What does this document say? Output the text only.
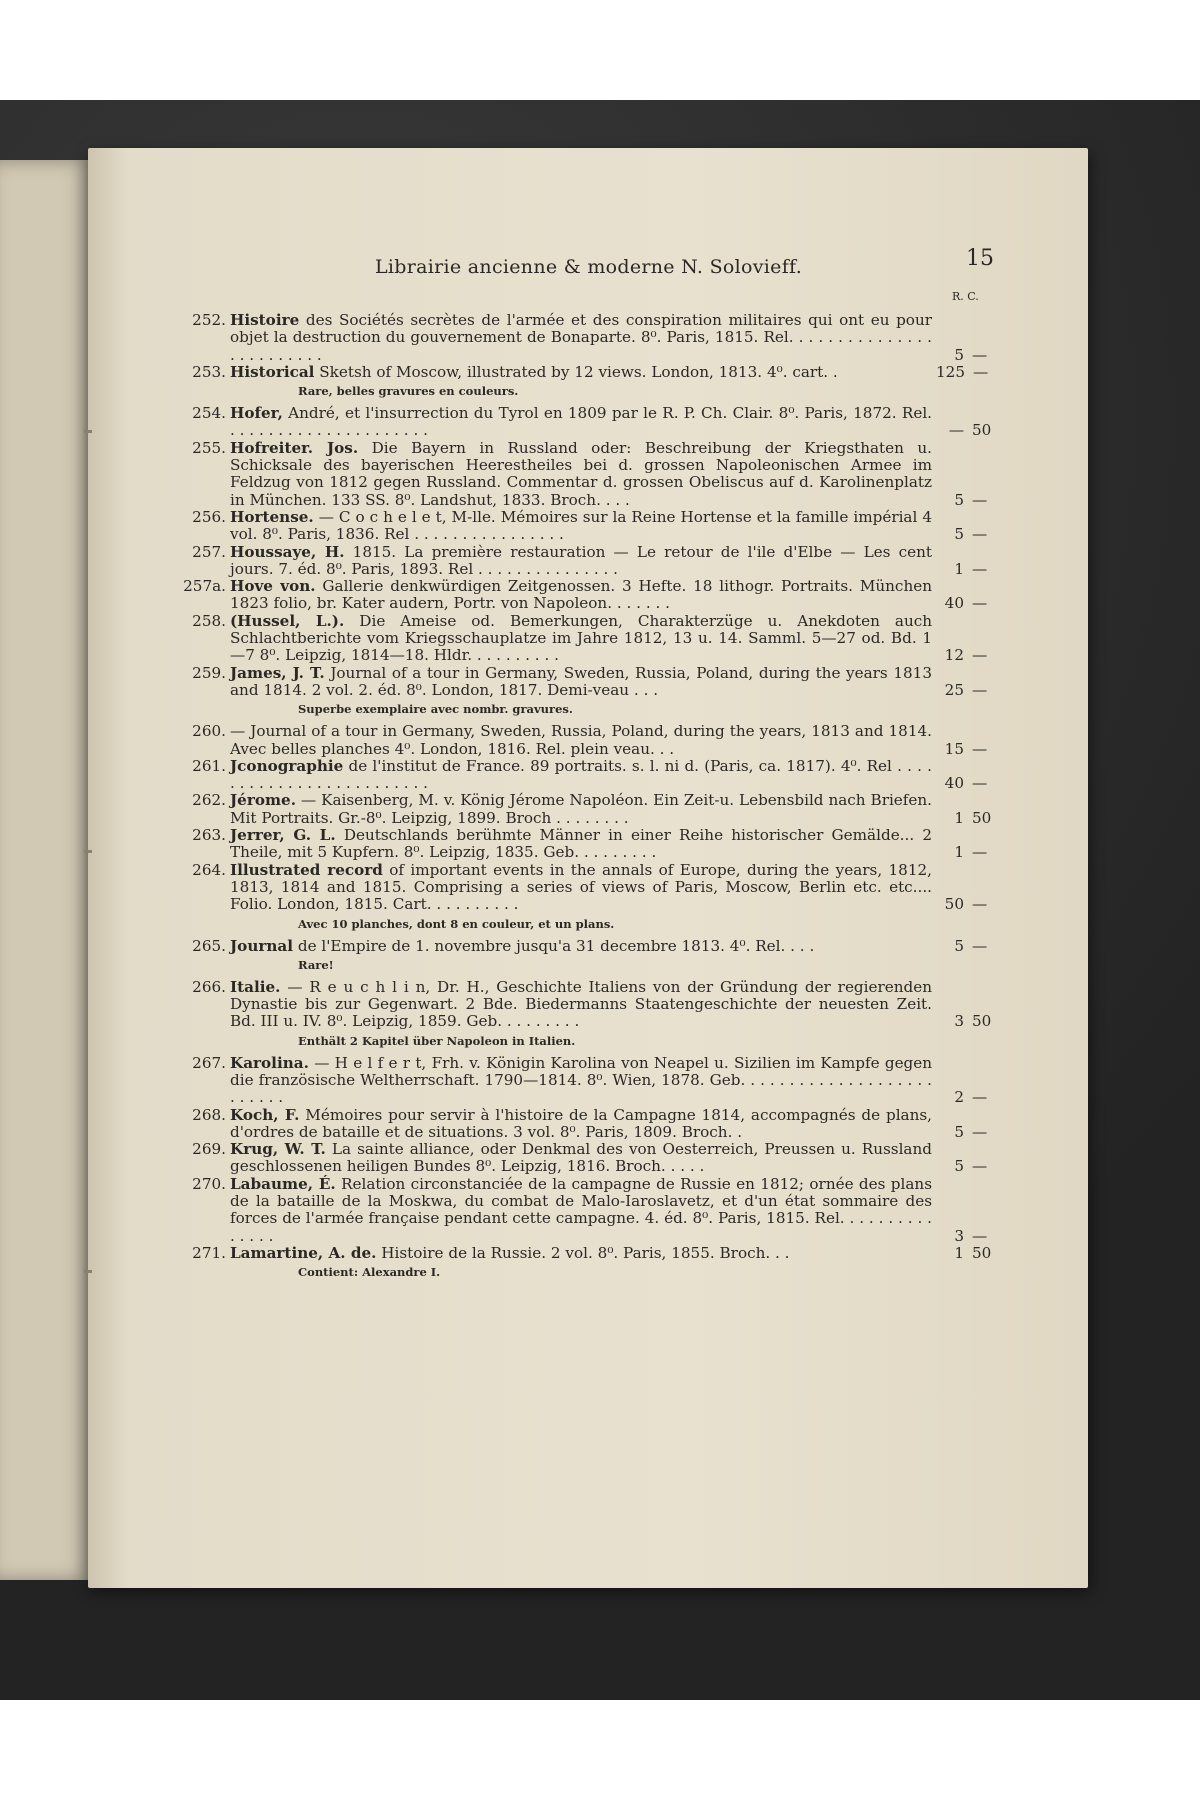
Librairie ancienne & moderne N. Solovieff.	15
R. C.
252. Histoire des Sociétés secrètes de l'armée et des conspiration militaires qui ont eu pour objet la destruction du gouvernement de Bonaparte. 8⁰. Paris, 1815. Rel. . . . . . . . . . . . . . . . . . . . . . . . .	5 —
253. Historical Sketsh of Moscow, illustrated by 12 views. London, 1813. 4⁰. cart. .	125 —
Rare, belles gravures en couleurs.
254. Hofer, André, et l'insurrection du Tyrol en 1809 par le R. P. Ch. Clair. 8⁰. Paris, 1872. Rel. . . . . . . . . . . . . . . . . . . . . .	— 50
255. Hofreiter. Jos. Die Bayern in Russland oder: Beschreibung der Kriegsthaten u. Schicksale des bayerischen Heerestheiles bei d. grossen Napoleonischen Armee im Feldzug von 1812 gegen Russland. Commentar d. grossen Obeliscus auf d. Karolinenplatz in München. 133 SS. 8⁰. Landshut, 1833. Broch. . . .	5 —
256. Hortense. — C o c h e l e t, M-lle. Mémoires sur la Reine Hortense et la famille impérial 4 vol. 8⁰. Paris, 1836. Rel . . . . . . . . . . . . . . . .	5 —
257. Houssaye, H. 1815. La première restauration — Le retour de l'ile d'Elbe — Les cent jours. 7. éd. 8⁰. Paris, 1893. Rel . . . . . . . . . . . . . . .	1 —
257a. Hove von. Gallerie denkwürdigen Zeitgenossen. 3 Hefte. 18 lithogr. Portraits. München 1823 folio, br. Kater audern, Portr. von Napoleon. . . . . . .	40 —
258. (Hussel, L.). Die Ameise od. Bemerkungen, Charakterzüge u. Anekdoten auch Schlachtberichte vom Kriegsschauplatze im Jahre 1812, 13 u. 14. Samml. 5—27 od. Bd. 1—7 8⁰. Leipzig, 1814—18. Hldr. . . . . . . . . .	12 —
259. James, J. T. Journal of a tour in Germany, Sweden, Russia, Poland, during the years 1813 and 1814. 2 vol. 2. éd. 8⁰. London, 1817. Demi-veau . . .	25 —
Superbe exemplaire avec nombr. gravures.
260. — Journal of a tour in Germany, Sweden, Russia, Poland, during the years, 1813 and 1814. Avec belles planches 4⁰. London, 1816. Rel. plein veau. . .	15 —
261. Jconographie de l'institut de France. 89 portraits. s. l. ni d. (Paris, ca. 1817). 4⁰. Rel . . . . . . . . . . . . . . . . . . . . . . . . .	40 —
262. Jérome. — Kaisenberg, M. v. König Jérome Napoléon. Ein Zeit-u. Lebensbild nach Briefen. Mit Portraits. Gr.-8⁰. Leipzig, 1899. Broch . . . . . . . .	1 50
263. Jerrer, G. L. Deutschlands berühmte Männer in einer Reihe historischer Gemälde... 2 Theile, mit 5 Kupfern. 8⁰. Leipzig, 1835. Geb. . . . . . . . .	1 —
264. Illustrated record of important events in the annals of Europe, during the years, 1812, 1813, 1814 and 1815. Comprising a series of views of Paris, Moscow, Berlin etc. etc.... Folio. London, 1815. Cart. . . . . . . . . .	50 —
Avec 10 planches, dont 8 en couleur, et un plans.
265. Journal de l'Empire de 1. novembre jusqu'a 31 decembre 1813. 4⁰. Rel. . . .	5 —
Rare!
266. Italie. — R e u c h l i n, Dr. H., Geschichte Italiens von der Gründung der regierenden Dynastie bis zur Gegenwart. 2 Bde. Biedermanns Staatengeschichte der neuesten Zeit. Bd. III u. IV. 8⁰. Leipzig, 1859. Geb. . . . . . . . .	3 50
Enthält 2 Kapitel über Napoleon in Italien.
267. Karolina. — H e l f e r t, Frh. v. Königin Karolina von Neapel u. Sizilien im Kampfe gegen die französische Weltherrschaft. 1790—1814. 8⁰. Wien, 1878. Geb. . . . . . . . . . . . . . . . . . . . . . . . . .	2 —
268. Koch, F. Mémoires pour servir à l'histoire de la Campagne 1814, accompagnés de plans, d'ordres de bataille et de situations. 3 vol. 8⁰. Paris, 1809. Broch. .	5 —
269. Krug, W. T. La sainte alliance, oder Denkmal des von Oesterreich, Preussen u. Russland geschlossenen heiligen Bundes 8⁰. Leipzig, 1816. Broch. . . . .	5 —
270. Labaume, É. Relation circonstanciée de la campagne de Russie en 1812; ornée des plans de la bataille de la Moskwa, du combat de Malo-Iaroslavetz, et d'un état sommaire des forces de l'armée française pendant cette campagne. 4. éd. 8⁰. Paris, 1815. Rel. . . . . . . . . . . . . . .	3 —
271. Lamartine, A. de. Histoire de la Russie. 2 vol. 8⁰. Paris, 1855. Broch. . .	1 50
Contient: Alexandre I.
